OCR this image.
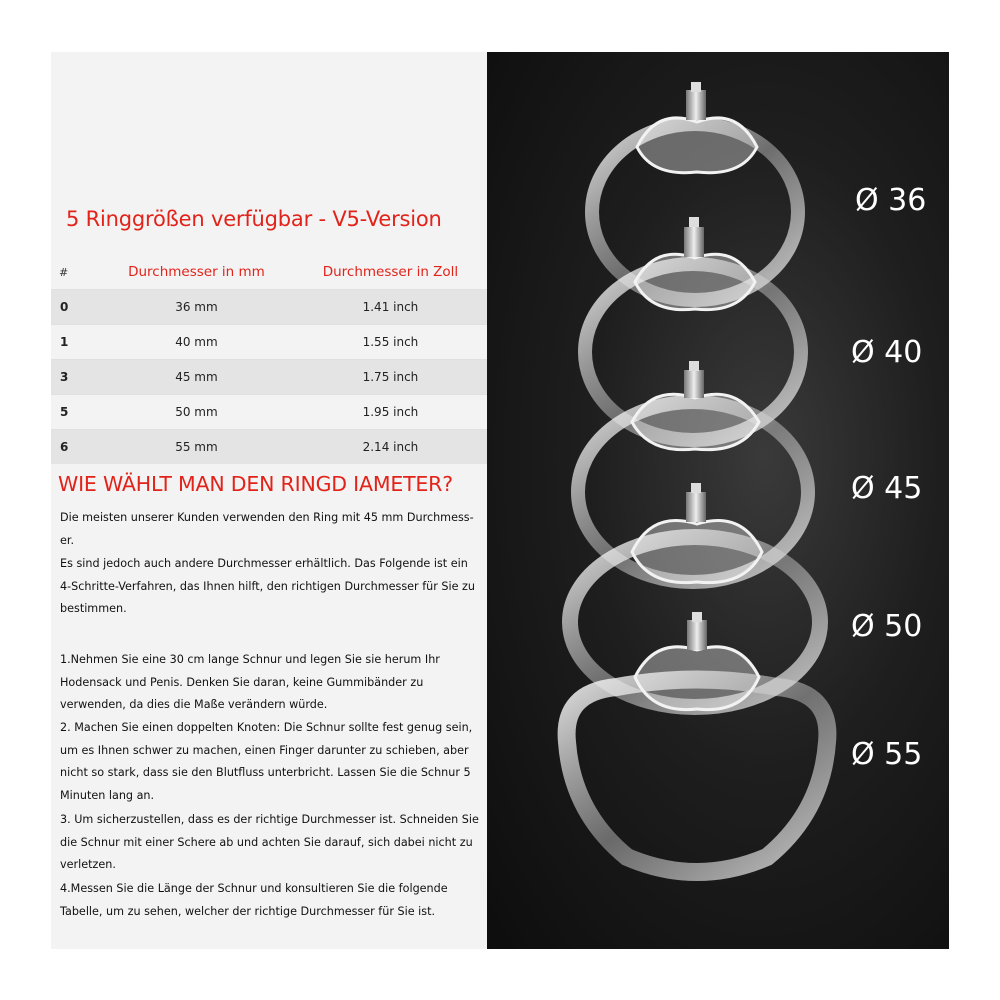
5 Ringgrößen verfügbar - V5-Version
#	Durchmesser in mm	Durchmesser in Zoll
0	36 mm	1.41 inch
1	40 mm	1.55 inch
3	45 mm	1.75 inch
5	50 mm	1.95 inch
6	55 mm	2.14 inch
WIE WÄHLT MAN DEN RINGD IAMETER?

Die meisten unserer Kunden verwenden den Ring mit 45 mm Durchmess-er.

Es sind jedoch auch andere Durchmesser erhältlich. Das Folgende ist ein 4-Schritte-Verfahren, das Ihnen hilft, den richtigen Durchmesser für Sie zu bestimmen.

1.Nehmen Sie eine 30 cm lange Schnur und legen Sie sie herum Ihr Hodensack und Penis. Denken Sie daran, keine Gummibänder zu verwenden, da dies die Maße verändern würde.

2. Machen Sie einen doppelten Knoten: Die Schnur sollte fest genug sein, um es Ihnen schwer zu machen, einen Finger darunter zu schieben, aber nicht so stark, dass sie den Blutfluss unterbricht. Lassen Sie die Schnur 5 Minuten lang an.

3. Um sicherzustellen, dass es der richtige Durchmesser ist. Schneiden Sie die Schnur mit einer Schere ab und achten Sie darauf, sich dabei nicht zu verletzen.

4.Messen Sie die Länge der Schnur und konsultieren Sie die folgende Tabelle, um zu sehen, welcher der richtige Durchmesser für Sie ist.

Ø 36
Ø 40
Ø 45
Ø 50
Ø 55
